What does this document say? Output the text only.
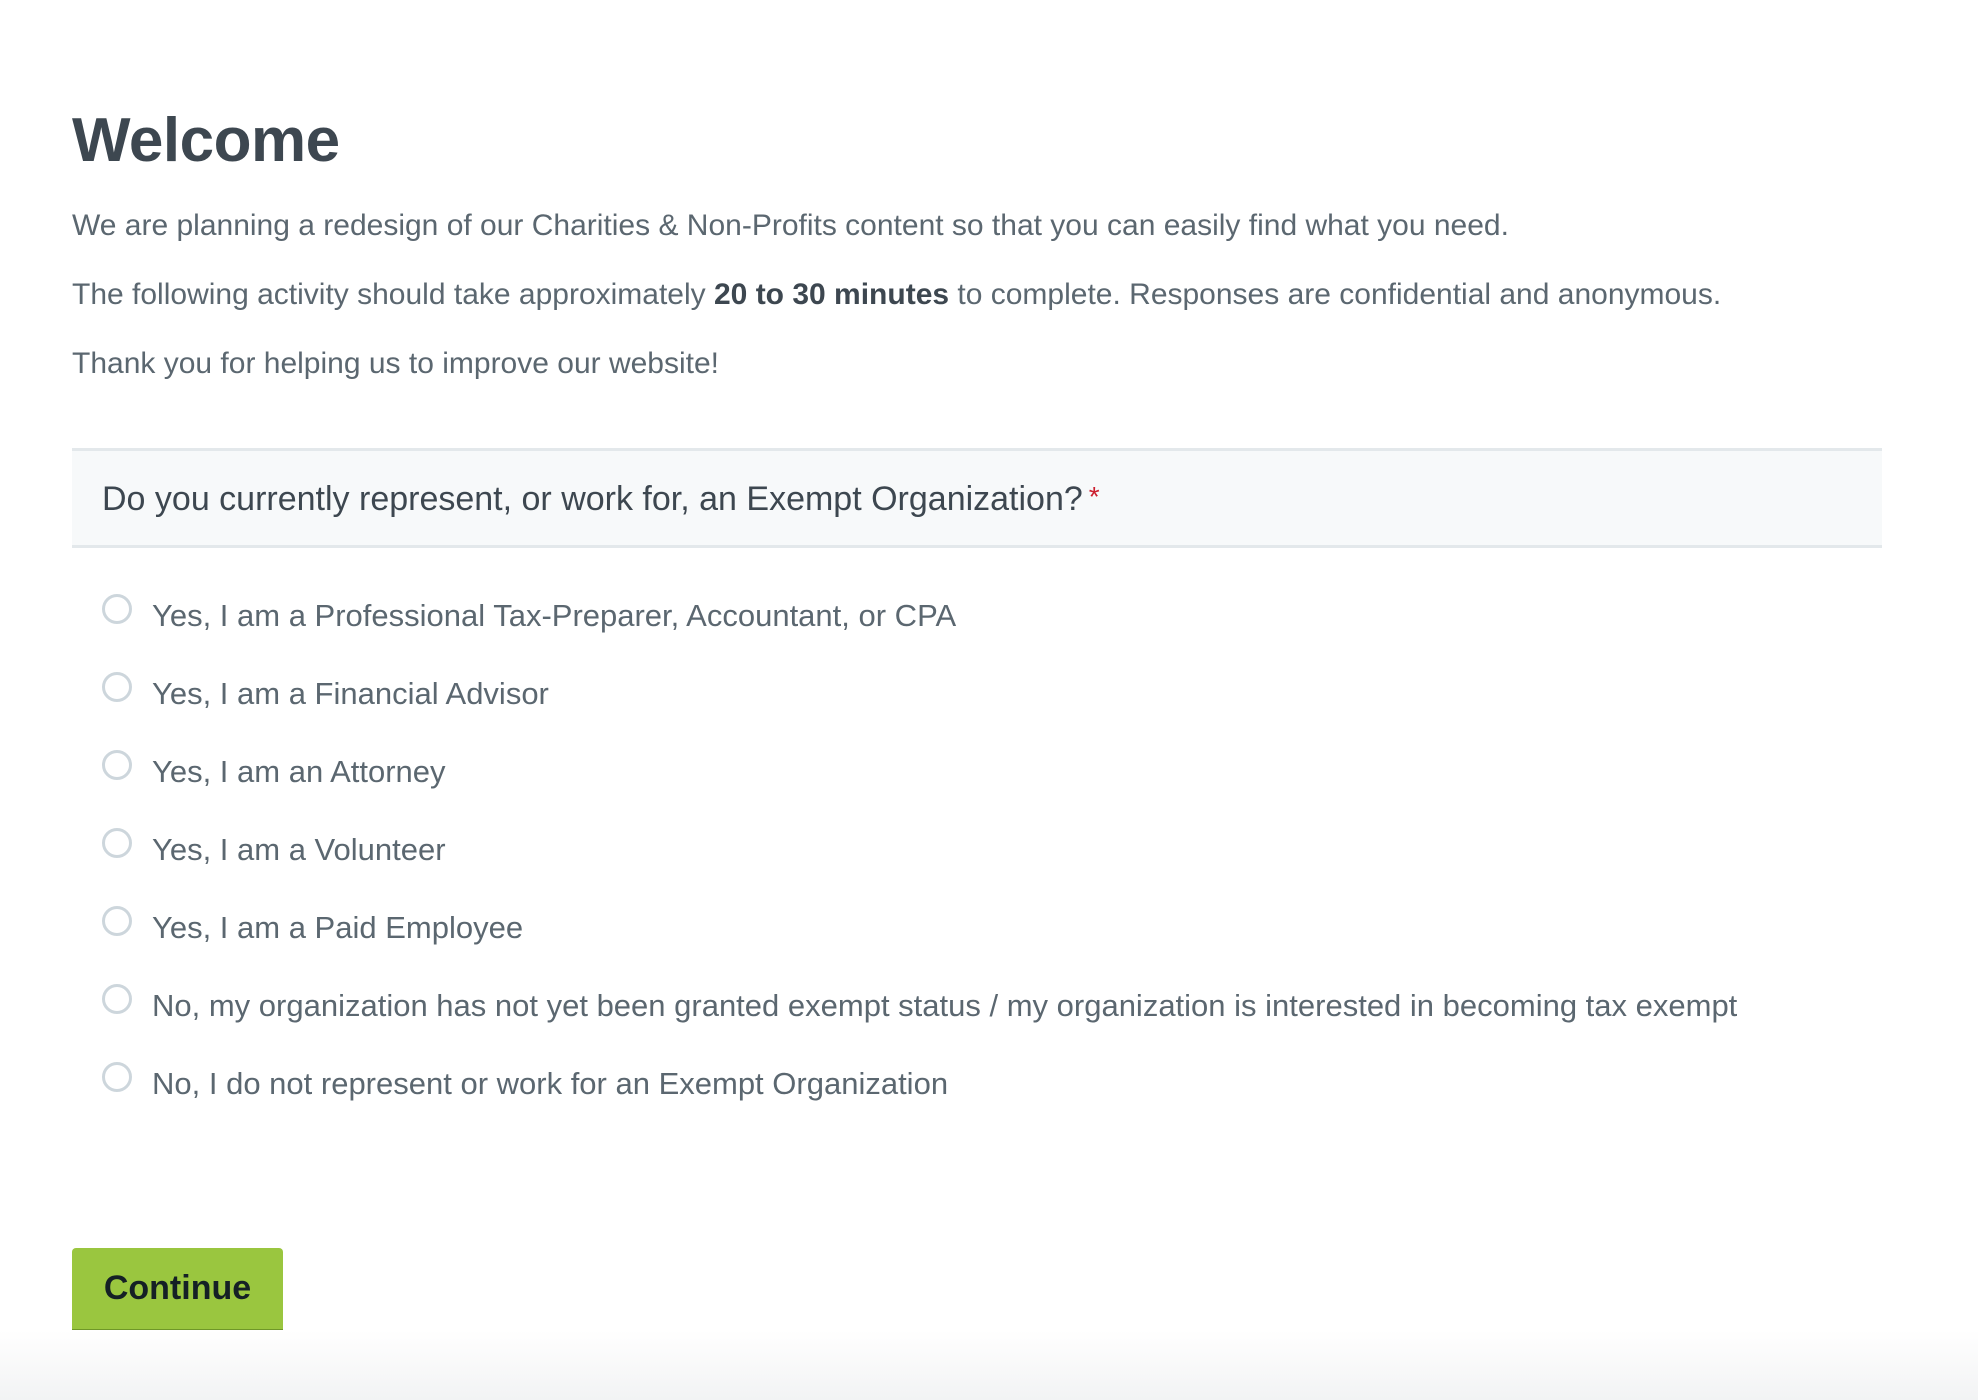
Welcome

We are planning a redesign of our Charities & Non-Profits content so that you can easily find what you need.

The following activity should take approximately 20 to 30 minutes to complete. Responses are confidential and anonymous.

Thank you for helping us to improve our website!

Do you currently represent, or work for, an Exempt Organization? *
Yes, I am a Professional Tax-Preparer, Accountant, or CPA
Yes, I am a Financial Advisor
Yes, I am an Attorney
Yes, I am a Volunteer
Yes, I am a Paid Employee
No, my organization has not yet been granted exempt status / my organization is interested in becoming tax exempt
No, I do not represent or work for an Exempt Organization
Continue
